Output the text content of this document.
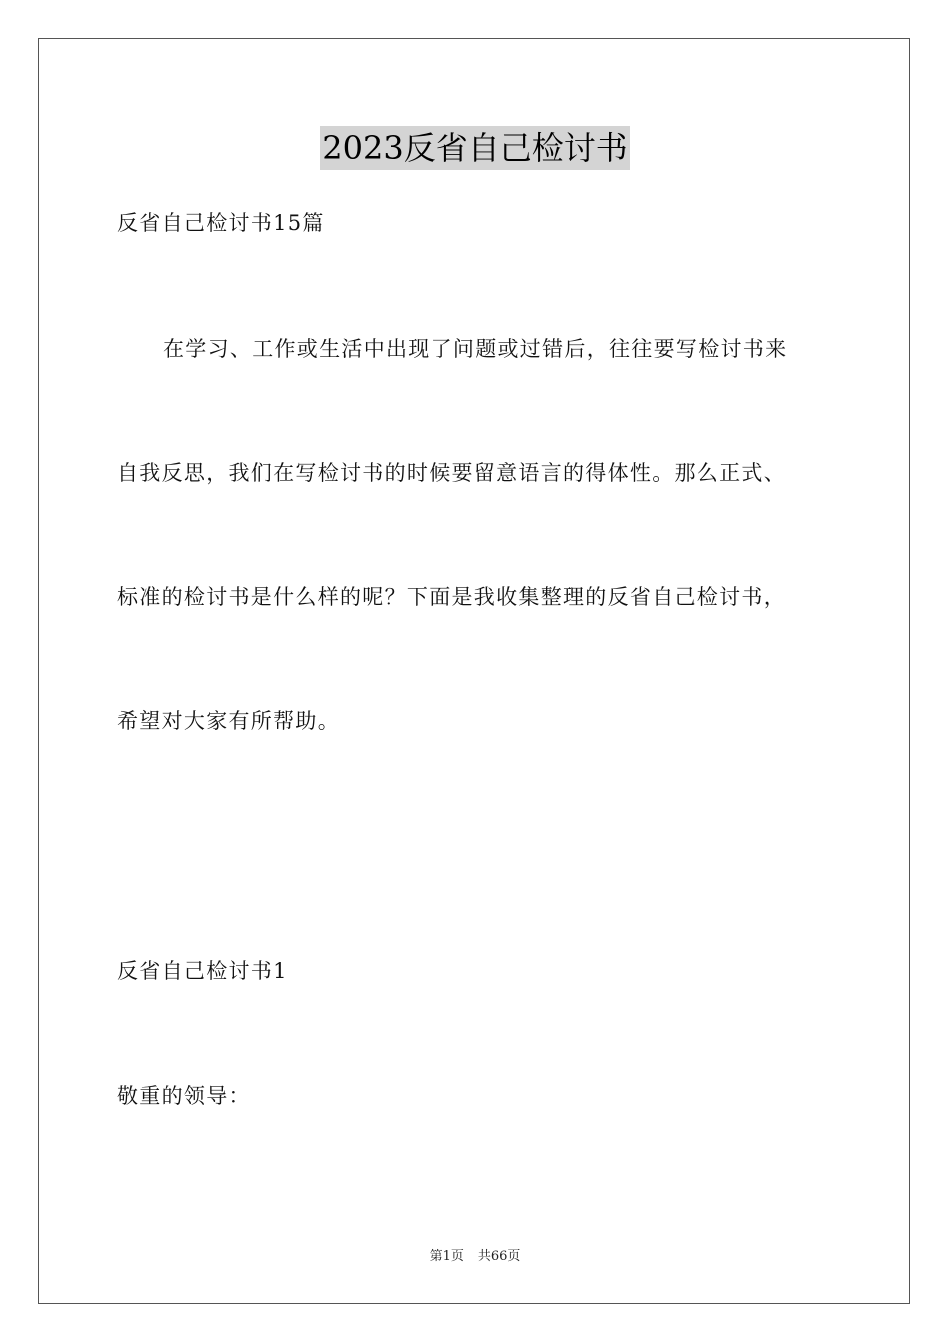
2023反省自己检讨书
反省自己检讨书15篇
在学习、工作或生活中出现了问题或过错后，往往要写检讨书来
自我反思，我们在写检讨书的时候要留意语言的得体性。那么正式、
标准的检讨书是什么样的呢？下面是我收集整理的反省自己检讨书，
希望对大家有所帮助。
反省自己检讨书1
敬重的领导：
第1页 共66页
